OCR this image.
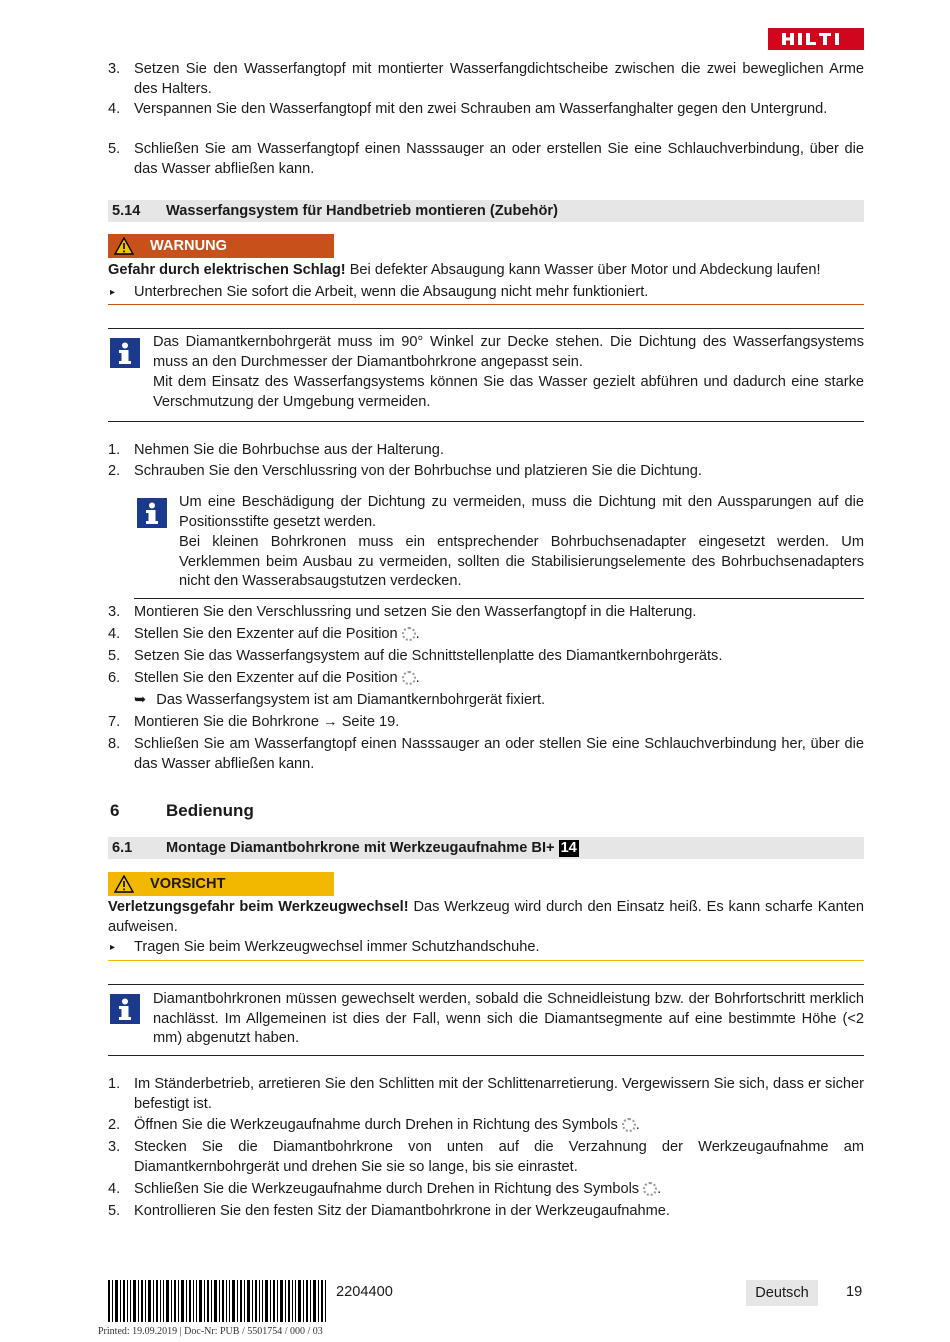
3. Setzen Sie den Wasserfangtopf mit montierter Wasserfangdichtscheibe zwischen die zwei beweglichen Arme des Halters.
4. Verspannen Sie den Wasserfangtopf mit den zwei Schrauben am Wasserfanghalter gegen den Untergrund.
5. Schließen Sie am Wasserfangtopf einen Nasssauger an oder erstellen Sie eine Schlauchverbindung, über die das Wasser abfließen kann.
5.14 Wasserfangsystem für Handbetrieb montieren (Zubehör)
WARNUNG
Gefahr durch elektrischen Schlag! Bei defekter Absaugung kann Wasser über Motor und Abdeckung laufen!
▸ Unterbrechen Sie sofort die Arbeit, wenn die Absaugung nicht mehr funktioniert.
Das Diamantkernbohrgerät muss im 90° Winkel zur Decke stehen. Die Dichtung des Wasserfangsystems muss an den Durchmesser der Diamantbohrkrone angepasst sein.
Mit dem Einsatz des Wasserfangsystems können Sie das Wasser gezielt abführen und dadurch eine starke Verschmutzung der Umgebung vermeiden.
1. Nehmen Sie die Bohrbuchse aus der Halterung.
2. Schrauben Sie den Verschlussring von der Bohrbuchse und platzieren Sie die Dichtung.
Um eine Beschädigung der Dichtung zu vermeiden, muss die Dichtung mit den Aussparungen auf die Positionsstifte gesetzt werden.
Bei kleinen Bohrkronen muss ein entsprechender Bohrbuchsenadapter eingesetzt werden. Um Verklemmen beim Ausbau zu vermeiden, sollten die Stabilisierungselemente des Bohrbuchsenadapters nicht den Wasserabsaugstutzen verdecken.
3. Montieren Sie den Verschlussring und setzen Sie den Wasserfangtopf in die Halterung.
4. Stellen Sie den Exzenter auf die Position .
5. Setzen Sie das Wasserfangsystem auf die Schnittstellenplatte des Diamantkernbohrgeräts.
6. Stellen Sie den Exzenter auf die Position .
➥ Das Wasserfangsystem ist am Diamantkernbohrgerät fixiert.
7. Montieren Sie die Bohrkrone → Seite 19.
8. Schließen Sie am Wasserfangtopf einen Nasssauger an oder stellen Sie eine Schlauchverbindung her, über die das Wasser abfließen kann.
6	Bedienung
6.1 Montage Diamantbohrkrone mit Werkzeugaufnahme BI+ 14
VORSICHT
Verletzungsgefahr beim Werkzeugwechsel! Das Werkzeug wird durch den Einsatz heiß. Es kann scharfe Kanten aufweisen.
▸ Tragen Sie beim Werkzeugwechsel immer Schutzhandschuhe.
Diamantbohrkronen müssen gewechselt werden, sobald die Schneidleistung bzw. der Bohrfortschritt merklich nachlässt. Im Allgemeinen ist dies der Fall, wenn sich die Diamantsegmente auf eine bestimmte Höhe (<2 mm) abgenutzt haben.
1. Im Ständerbetrieb, arretieren Sie den Schlitten mit der Schlittenarretierung. Vergewissern Sie sich, dass er sicher befestigt ist.
2. Öffnen Sie die Werkzeugaufnahme durch Drehen in Richtung des Symbols .
3. Stecken Sie die Diamantbohrkrone von unten auf die Verzahnung der Werkzeugaufnahme am Diamantkernbohrgerät und drehen Sie sie so lange, bis sie einrastet.
4. Schließen Sie die Werkzeugaufnahme durch Drehen in Richtung des Symbols .
5. Kontrollieren Sie den festen Sitz der Diamantbohrkrone in der Werkzeugaufnahme.
2204400	Deutsch	19
Printed: 19.09.2019 | Doc-Nr: PUB / 5501754 / 000 / 03
